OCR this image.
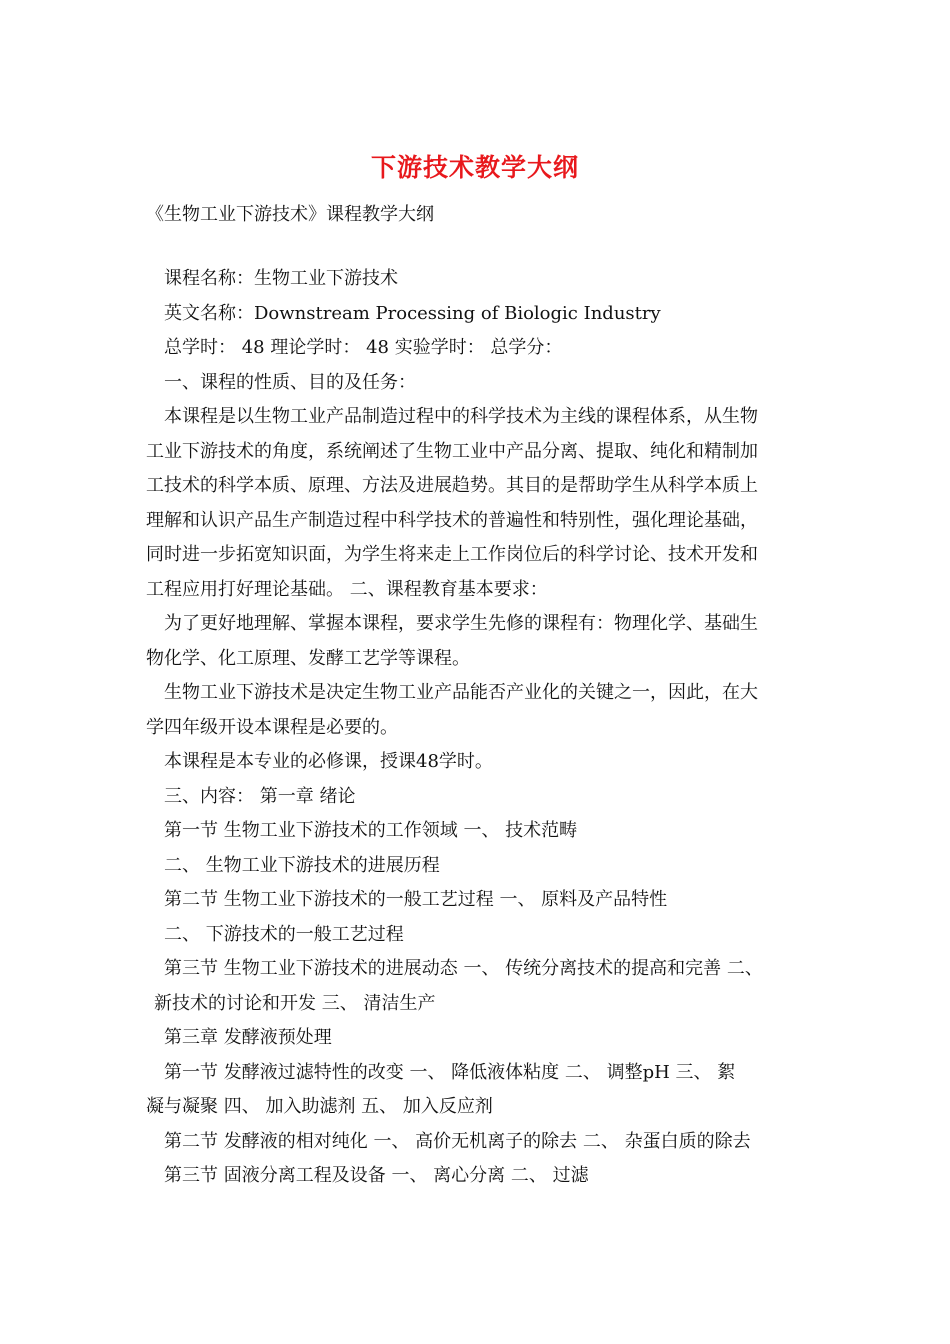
下游技术教学大纲
《生物工业下游技术》课程教学大纲
课程名称：生物工业下游技术
英文名称：Downstream Processing of Biologic Industry
总学时： 48 理论学时： 48 实验学时： 总学分：
一、课程的性质、目的及任务：
本课程是以生物工业产品制造过程中的科学技术为主线的课程体系，从生物
工业下游技术的角度，系统阐述了生物工业中产品分离、提取、纯化和精制加
工技术的科学本质、原理、方法及进展趋势。其目的是帮助学生从科学本质上
理解和认识产品生产制造过程中科学技术的普遍性和特别性，强化理论基础，
同时进一步拓宽知识面，为学生将来走上工作岗位后的科学讨论、技术开发和
工程应用打好理论基础。 二、课程教育基本要求：
为了更好地理解、掌握本课程，要求学生先修的课程有：物理化学、基础生
物化学、化工原理、发酵工艺学等课程。
生物工业下游技术是决定生物工业产品能否产业化的关键之一，因此，在大
学四年级开设本课程是必要的。
本课程是本专业的必修课，授课48学时。
三、内容： 第一章 绪论
第一节 生物工业下游技术的工作领域 一、 技术范畴
二、 生物工业下游技术的进展历程
第二节 生物工业下游技术的一般工艺过程 一、 原料及产品特性
二、 下游技术的一般工艺过程
第三节 生物工业下游技术的进展动态 一、 传统分离技术的提高和完善 二、
新技术的讨论和开发 三、 清洁生产
第三章 发酵液预处理
第一节 发酵液过滤特性的改变 一、 降低液体粘度 二、 调整pH 三、 絮
凝与凝聚 四、 加入助滤剂 五、 加入反应剂
第二节 发酵液的相对纯化 一、 高价无机离子的除去 二、 杂蛋白质的除去
第三节 固液分离工程及设备 一、 离心分离 二、 过滤
